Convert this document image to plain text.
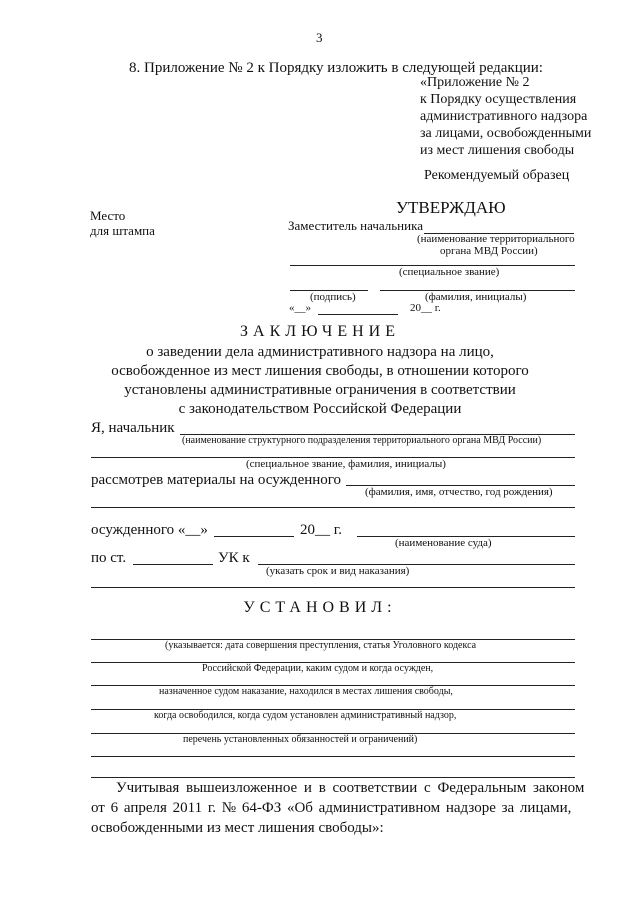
3
8. Приложение № 2 к Порядку изложить в следующей редакции:
«Приложение № 2
к Порядку осуществления
административного надзора
за лицами, освобожденными
из мест лишения свободы
Рекомендуемый образец
Место
для штампа
УТВЕРЖДАЮ
Заместитель начальника
(наименование территориального
органа МВД России)
(специальное звание)
(подпись)	(фамилия, инициалы)
«__»	20__ г.
ЗАКЛЮЧЕНИЕ
о заведении дела административного надзора на лицо,
освобожденное из мест лишения свободы, в отношении которого
установлены административные ограничения в соответствии
с законодательством Российской Федерации
Я, начальник
(наименование структурного подразделения территориального органа МВД России)
(специальное звание, фамилия, инициалы)
рассмотрев материалы на осужденного
(фамилия, имя, отчество, год рождения)
осужденного «__»	20__ г.
(наименование суда)
по ст.	УК к
(указать срок и вид наказания)
УСТАНОВИЛ:
(указывается: дата совершения преступления, статья Уголовного кодекса
Российской Федерации, каким судом и когда осужден,
назначенное судом наказание, находился в местах лишения свободы,
когда освободился, когда судом установлен административный надзор,
перечень установленных обязанностей и ограничений)
Учитывая вышеизложенное и в соответствии с Федеральным законом
от 6 апреля 2011 г. № 64-ФЗ «Об административном надзоре за лицами,
освобожденными из мест лишения свободы»:
